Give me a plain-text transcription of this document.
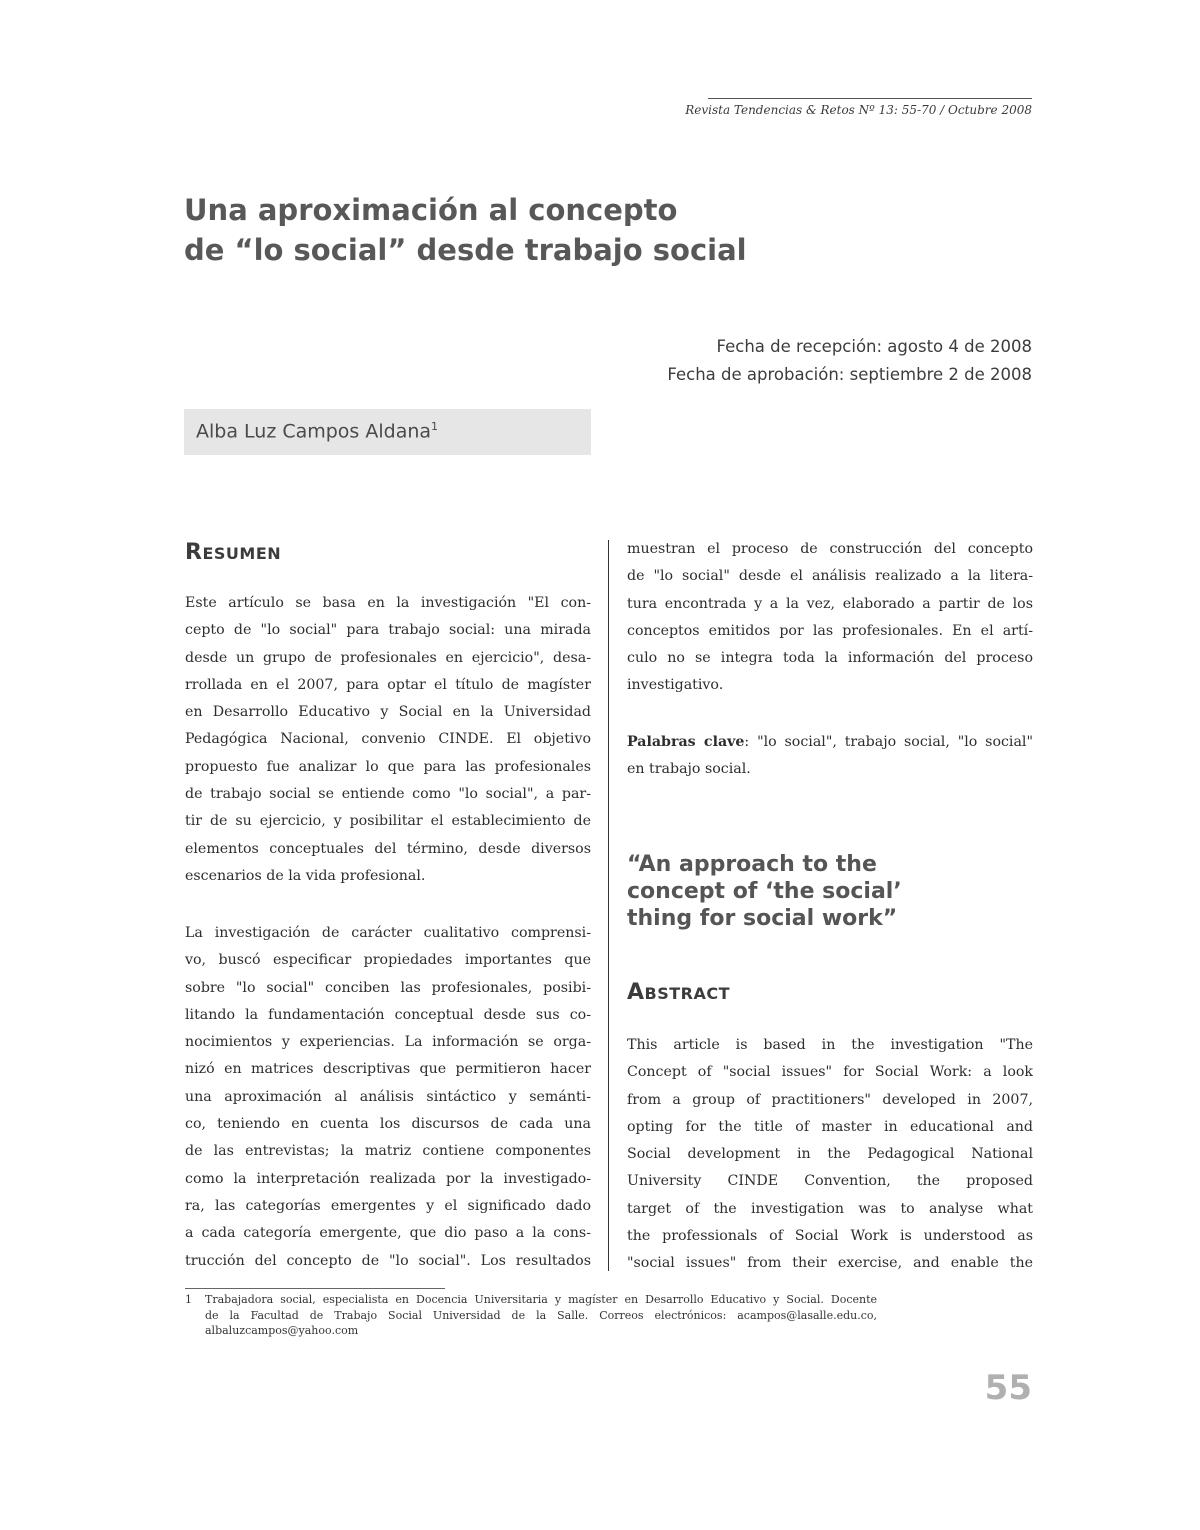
Revista Tendencias & Retos Nº 13: 55-70 / Octubre 2008
Una aproximación al concepto
de “lo social” desde trabajo social
Fecha de recepción: agosto 4 de 2008
Fecha de aprobación: septiembre 2 de 2008
Alba Luz Campos Aldana$^1$
RESUMEN
Este artículo se basa en la investigación "El con-
cepto de "lo social" para trabajo social: una mirada
desde un grupo de profesionales en ejercicio", desa-
rrollada en el 2007, para optar el título de magíster
en Desarrollo Educativo y Social en la Universidad
Pedagógica Nacional, convenio CINDE. El objetivo
propuesto fue analizar lo que para las profesionales
de trabajo social se entiende como "lo social", a par-
tir de su ejercicio, y posibilitar el establecimiento de
elementos conceptuales del término, desde diversos
escenarios de la vida profesional.
La investigación de carácter cualitativo comprensi-
vo, buscó especificar propiedades importantes que
sobre "lo social" conciben las profesionales, posibi-
litando la fundamentación conceptual desde sus co-
nocimientos y experiencias. La información se orga-
nizó en matrices descriptivas que permitieron hacer
una aproximación al análisis sintáctico y semánti-
co, teniendo en cuenta los discursos de cada una
de las entrevistas; la matriz contiene componentes
como la interpretación realizada por la investigado-
ra, las categorías emergentes y el significado dado
a cada categoría emergente, que dio paso a la cons-
trucción del concepto de "lo social". Los resultados
muestran el proceso de construcción del concepto
de "lo social" desde el análisis realizado a la litera-
tura encontrada y a la vez, elaborado a partir de los
conceptos emitidos por las profesionales. En el artí-
culo no se integra toda la información del proceso
investigativo.
Palabras clave: "lo social", trabajo social, "lo social"
en trabajo social.
“An approach to the
concept of ‘the social’
thing for social work”
ABSTRACT
This article is based in the investigation "The
Concept of "social issues" for Social Work: a look
from a group of practitioners" developed in 2007,
opting for the title of master in educational and
Social development in the Pedagogical National
University CINDE Convention, the proposed
target of the investigation was to analyse what
the professionals of Social Work is understood as
"social issues" from their exercise, and enable the
1 Trabajadora social, especialista en Docencia Universitaria y magíster en Desarrollo Educativo y Social. Docente
de la Facultad de Trabajo Social Universidad de la Salle. Correos electrónicos: acampos@lasalle.edu.co,
albaluzcampos@yahoo.com
55
